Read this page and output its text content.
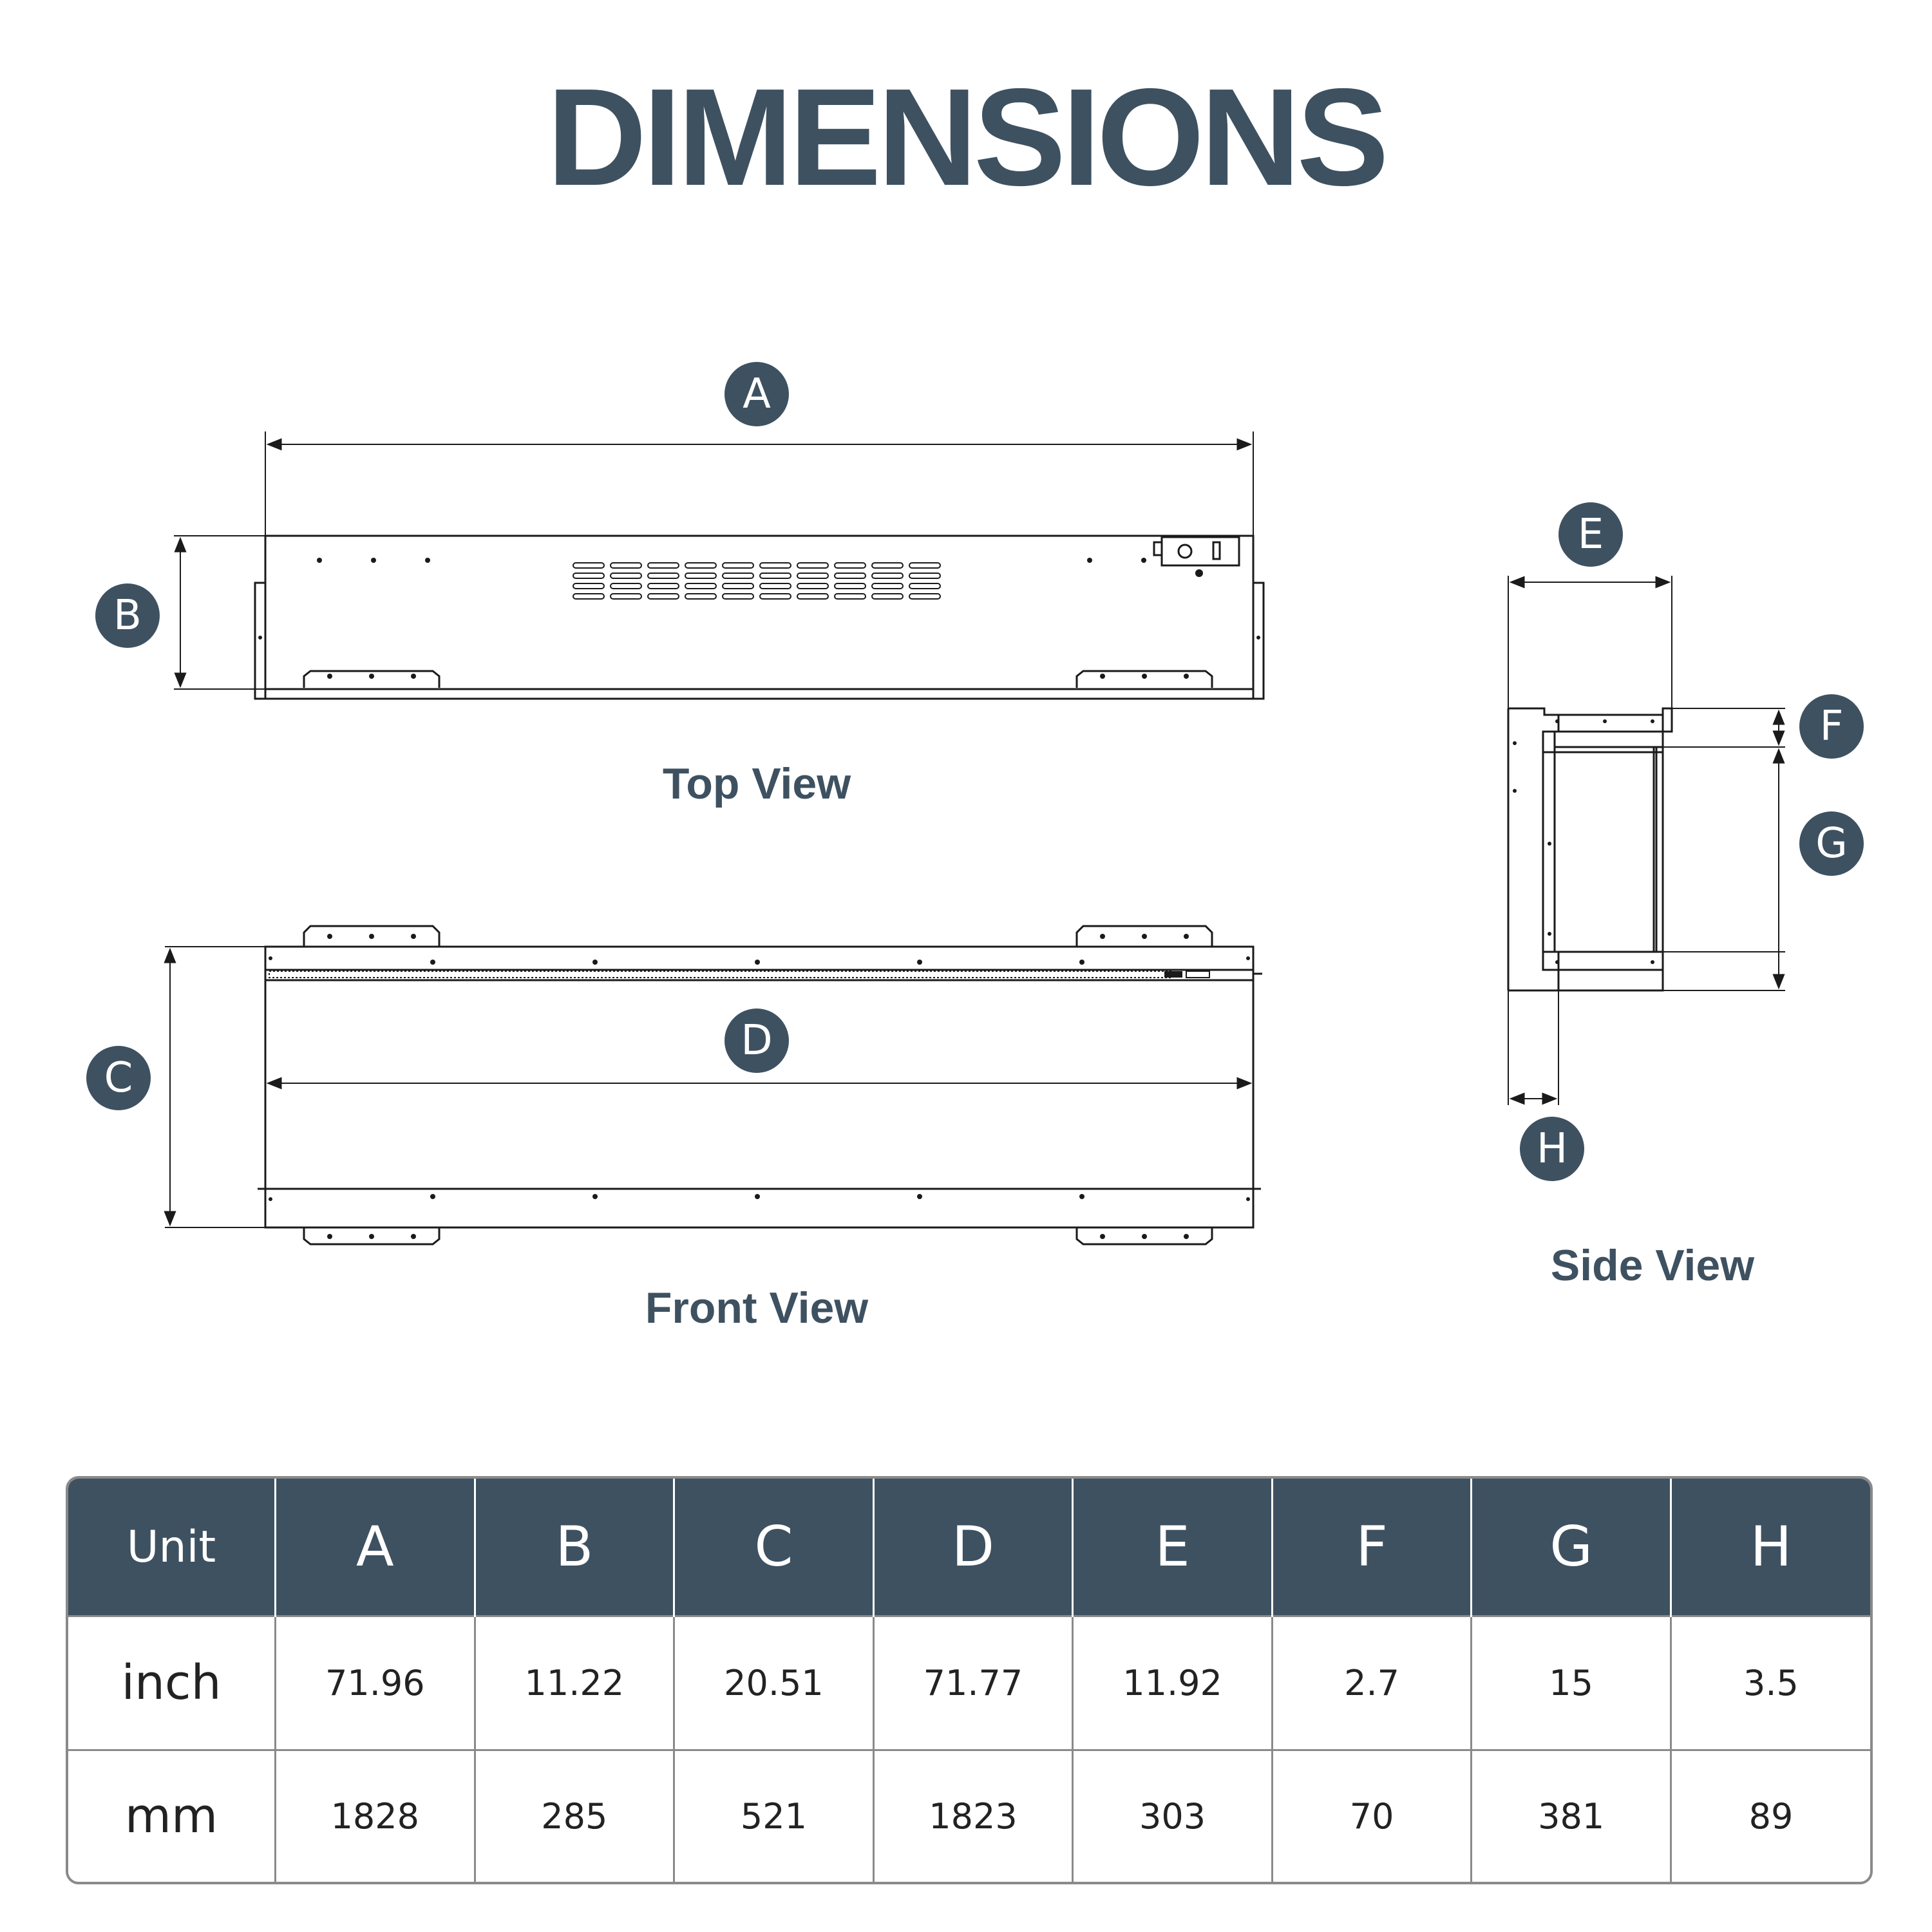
DIMENSIONS
A
B
C
D
E
F
G
H
Top View
Front View
Side View
Unit	A	B	C	D	E	F	G	H
inch	71.96	11.22	20.51	71.77	11.92	2.7	15	3.5
mm	1828	285	521	1823	303	70	381	89
